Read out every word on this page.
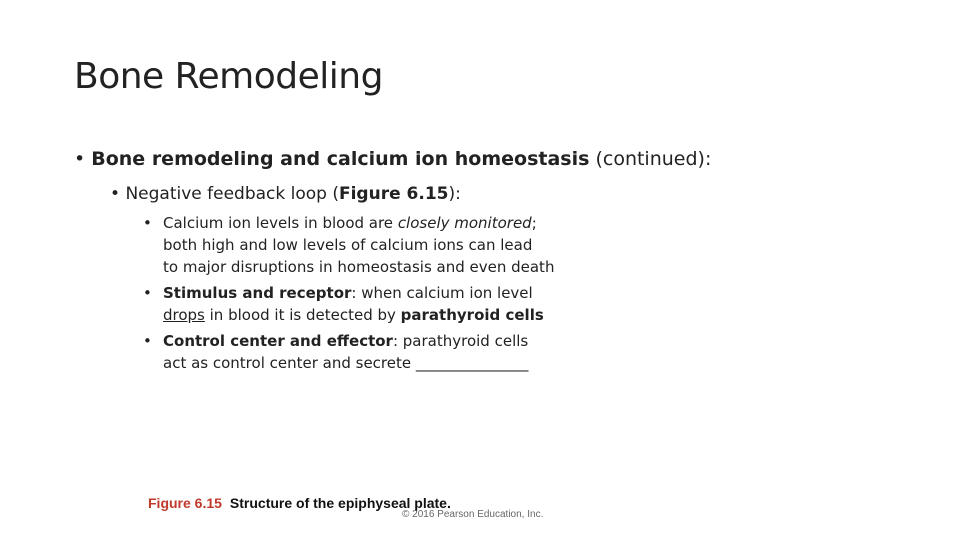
Bone Remodeling
• Bone remodeling and calcium ion homeostasis (continued):
• Negative feedback loop (Figure 6.15):
• Calcium ion levels in blood are closely monitored;
both high and low levels of calcium ions can lead
to major disruptions in homeostasis and even death
• Stimulus and receptor: when calcium ion level
drops in blood it is detected by parathyroid cells
• Control center and effector: parathyroid cells
act as control center and secrete _______________
Figure 6.15 Structure of the epiphyseal plate.
© 2016 Pearson Education, Inc.
